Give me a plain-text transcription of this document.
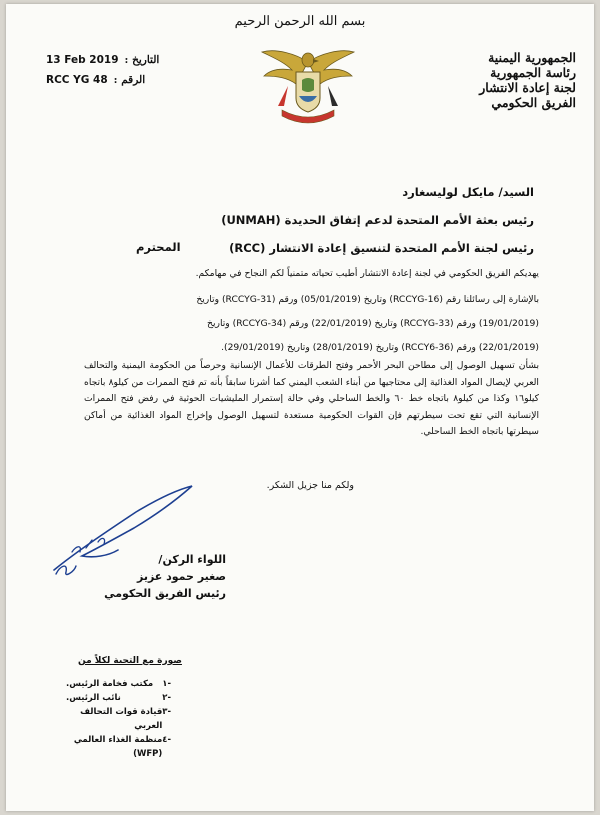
بسم الله الرحمن الرحيم
الجمهورية اليمنية
رئاسة الجمهورية
لجنة إعادة الانتشار
الفريق الحكومي
13 Feb 2019 التاريخ :
RCC YG 48 الرقم :
السيد/ مايكل لوليسغارد
رئيس بعثة الأمم المتحدة لدعم إتفاق الحديدة (UNMAH)
رئيس لجنة الأمم المتحدة لتنسيق إعادة الانتشار (RCC)
المحترم

يهديكم الفريق الحكومي في لجنة إعادة الانتشار أطيب تحياته متمنياً لكم النجاح في مهامكم.

بالإشارة إلى رسائلنا رقم (RCCYG-16) وتاريخ (05/01/2019) ورقم (RCCYG-31) وتاريخ

(19/01/2019) ورقم (RCCYG-33) وتاريخ (22/01/2019) ورقم (RCCYG-34) وتاريخ

(22/01/2019) ورقم (RCCY6-36) وتاريخ (28/01/2019) وتاريخ (29/01/2019).

بشأن تسهيل الوصول إلى مطاحن البحر الأحمر وفتح الطرقات للأعمال الإنسانية وحرصاً من الحكومة اليمنية والتحالف العربي لإيصال المواد الغذائية إلى محتاجيها من أبناء الشعب اليمني كما أشرنا سابقاً بأنه تم فتح الممرات من كيلو٨ باتجاه كيلو١٦ وكذا من كيلو٨ باتجاه خط ٦٠ والخط الساحلي وفي حالة إستمرار المليشيات الحوثية في رفض فتح الممرات الإنسانية التي تقع تحت سيطرتهم فإن القوات الحكومية مستعدة لتسهيل الوصول وإخراج المواد الغذائية من أماكن سيطرتها باتجاه الخط الساحلي.

ولكم منا جزيل الشكر.
اللواء الركن/
صغير حمود عزيز
رئيس الفريق الحكومي
صورة مع التحية لكلاً من
مكتب فخامة الرئيس. ١-
نائب الرئيس.	٢-
قيادة قوات التحالف العربي
٣-
منظمة الغذاء العالمي (WFP)
٤-
